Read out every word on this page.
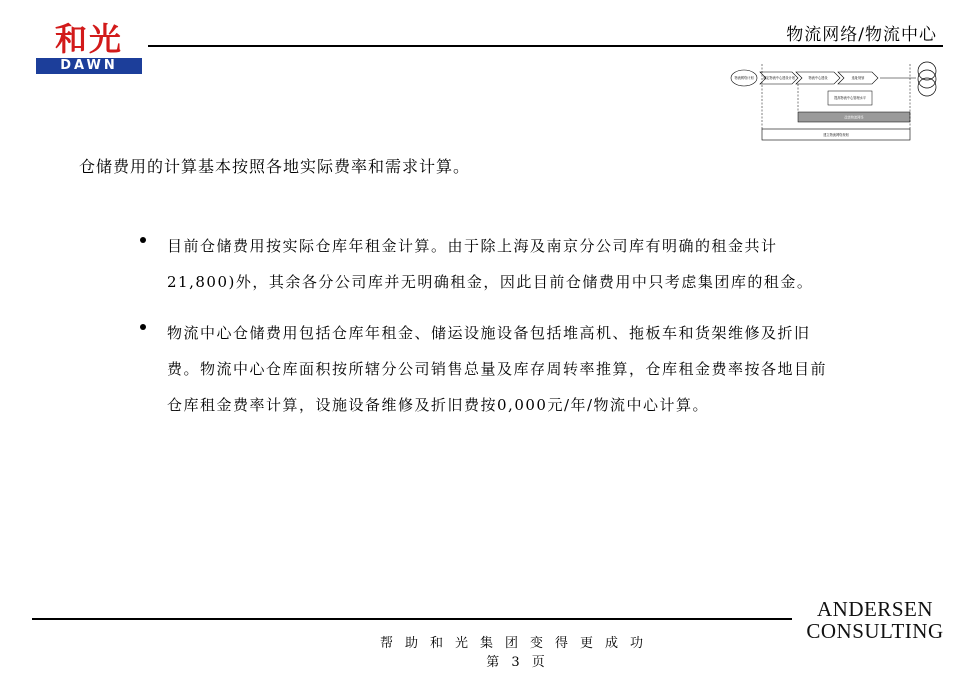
和光
DAWN
物流网络/物流中心
物流网络计划	制定物流中心建设计划	物流中心建设	选址规划
提高物流中心管理水平
改善物流网络
建立物流网络规划
仓储费用的计算基本按照各地实际费率和需求计算。
目前仓储费用按实际仓库年租金计算。由于除上海及南京分公司库有明确的租金共计
21,800)外，其余各分公司库并无明确租金，因此目前仓储费用中只考虑集团库的租金。
物流中心仓储费用包括仓库年租金、储运设施设备包括堆高机、拖板车和货架维修及折旧
费。物流中心仓库面积按所辖分公司销售总量及库存周转率推算，仓库租金费率按各地目前
仓库租金费率计算，设施设备维修及折旧费按0,000元/年/物流中心计算。
帮助和光集团变得更成功
第 3 页
ANDERSEN
CONSULTING
